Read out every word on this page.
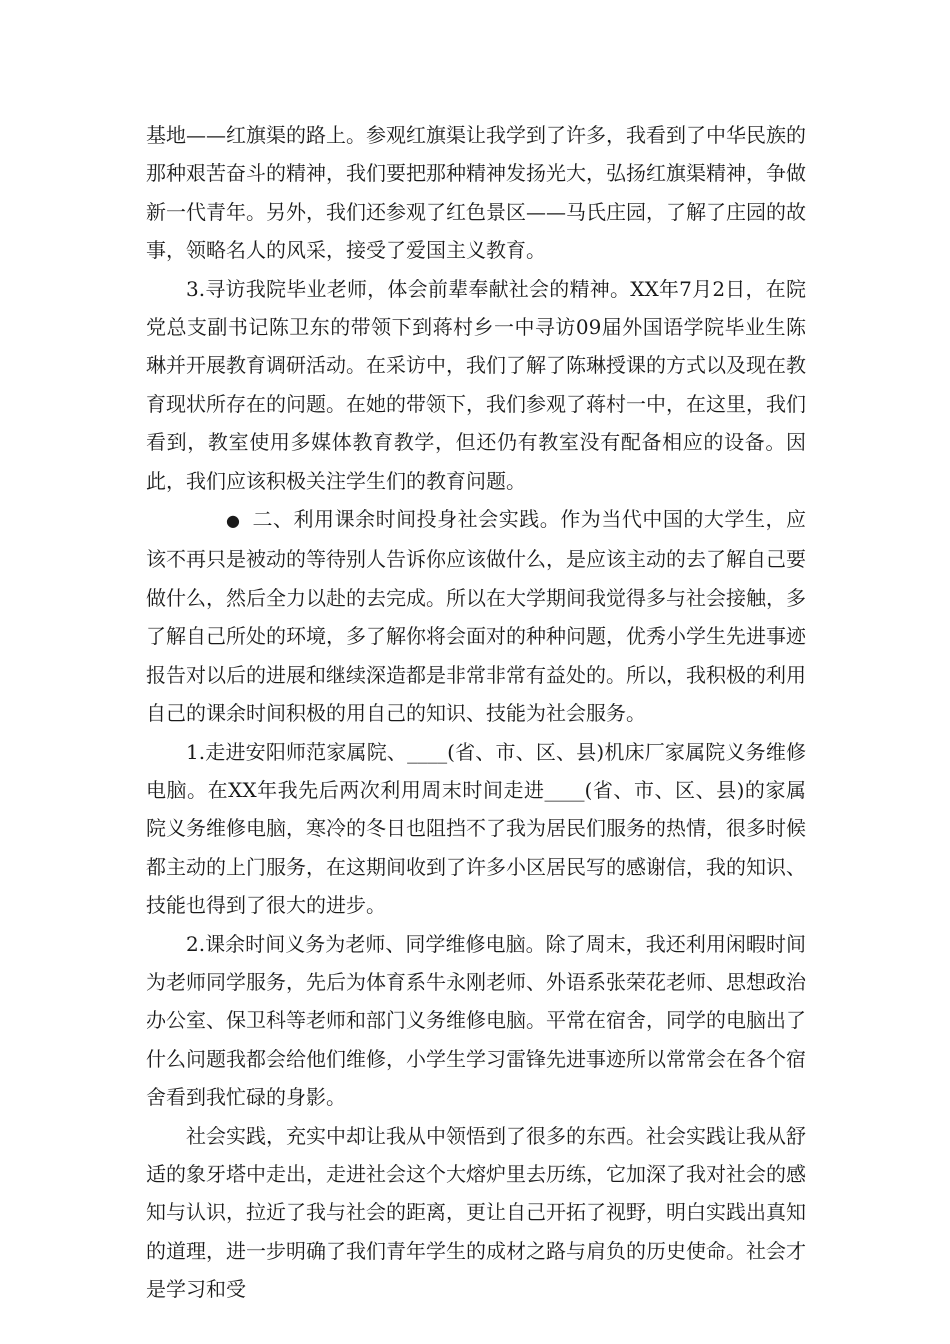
基地——红旗渠的路上。参观红旗渠让我学到了许多，我看到了中华民族的那种艰苦奋斗的精神，我们要把那种精神发扬光大，弘扬红旗渠精神，争做新一代青年。另外，我们还参观了红色景区——马氏庄园，了解了庄园的故事，领略名人的风采，接受了爱国主义教育。

3.寻访我院毕业老师，体会前辈奉献社会的精神。XX年7月2日，在院党总支副书记陈卫东的带领下到蒋村乡一中寻访09届外国语学院毕业生陈琳并开展教育调研活动。在采访中，我们了解了陈琳授课的方式以及现在教育现状所存在的问题。在她的带领下，我们参观了蒋村一中，在这里，我们看到，教室使用多媒体教育教学，但还仍有教室没有配备相应的设备。因此，我们应该积极关注学生们的教育问题。

● 二、利用课余时间投身社会实践。作为当代中国的大学生，应该不再只是被动的等待别人告诉你应该做什么，是应该主动的去了解自己要做什么，然后全力以赴的去完成。所以在大学期间我觉得多与社会接触，多了解自己所处的环境，多了解你将会面对的种种问题，优秀小学生先进事迹报告对以后的进展和继续深造都是非常非常有益处的。所以，我积极的利用自己的课余时间积极的用自己的知识、技能为社会服务。

1.走进安阳师范家属院、____(省、市、区、县)机床厂家属院义务维修电脑。在XX年我先后两次利用周末时间走进____(省、市、区、县)的家属院义务维修电脑，寒冷的冬日也阻挡不了我为居民们服务的热情，很多时候都主动的上门服务，在这期间收到了许多小区居民写的感谢信，我的知识、技能也得到了很大的进步。

2.课余时间义务为老师、同学维修电脑。除了周末，我还利用闲暇时间为老师同学服务，先后为体育系牛永刚老师、外语系张荣花老师、思想政治办公室、保卫科等老师和部门义务维修电脑。平常在宿舍，同学的电脑出了什么问题我都会给他们维修，小学生学习雷锋先进事迹所以常常会在各个宿舍看到我忙碌的身影。

社会实践，充实中却让我从中领悟到了很多的东西。社会实践让我从舒适的象牙塔中走出，走进社会这个大熔炉里去历练，它加深了我对社会的感知与认识，拉近了我与社会的距离，更让自己开拓了视野，明白实践出真知的道理，进一步明确了我们青年学生的成材之路与肩负的历史使命。社会才是学习和受
